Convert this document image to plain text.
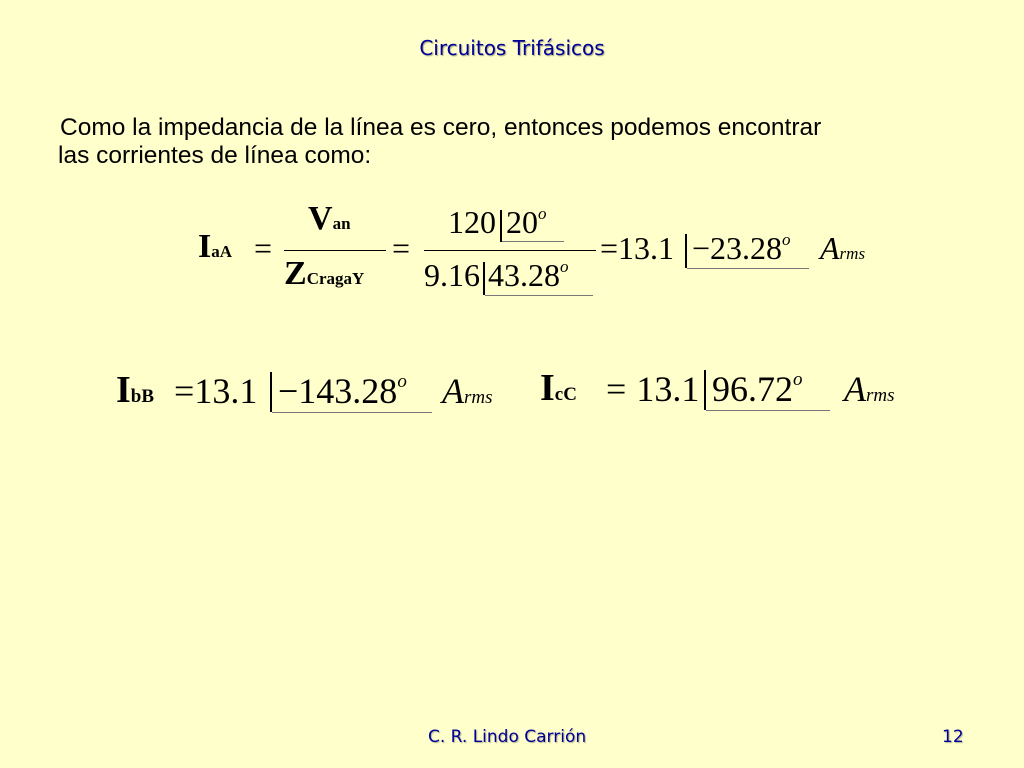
Circuitos Trifásicos
Como la impedancia de la línea es cero, entonces podemos encontrar
las corrientes de línea como:
IaA =
Van
ZCragaY
=
120 20$^o$
9.16 $43.28^o$
$=13.1 -23.28^o$ Arms
IbB $=13.1 -143.28^o$ Arms IcC = 13.1 96.72$^o$ Arms
C. R. Lindo Carrión	12
